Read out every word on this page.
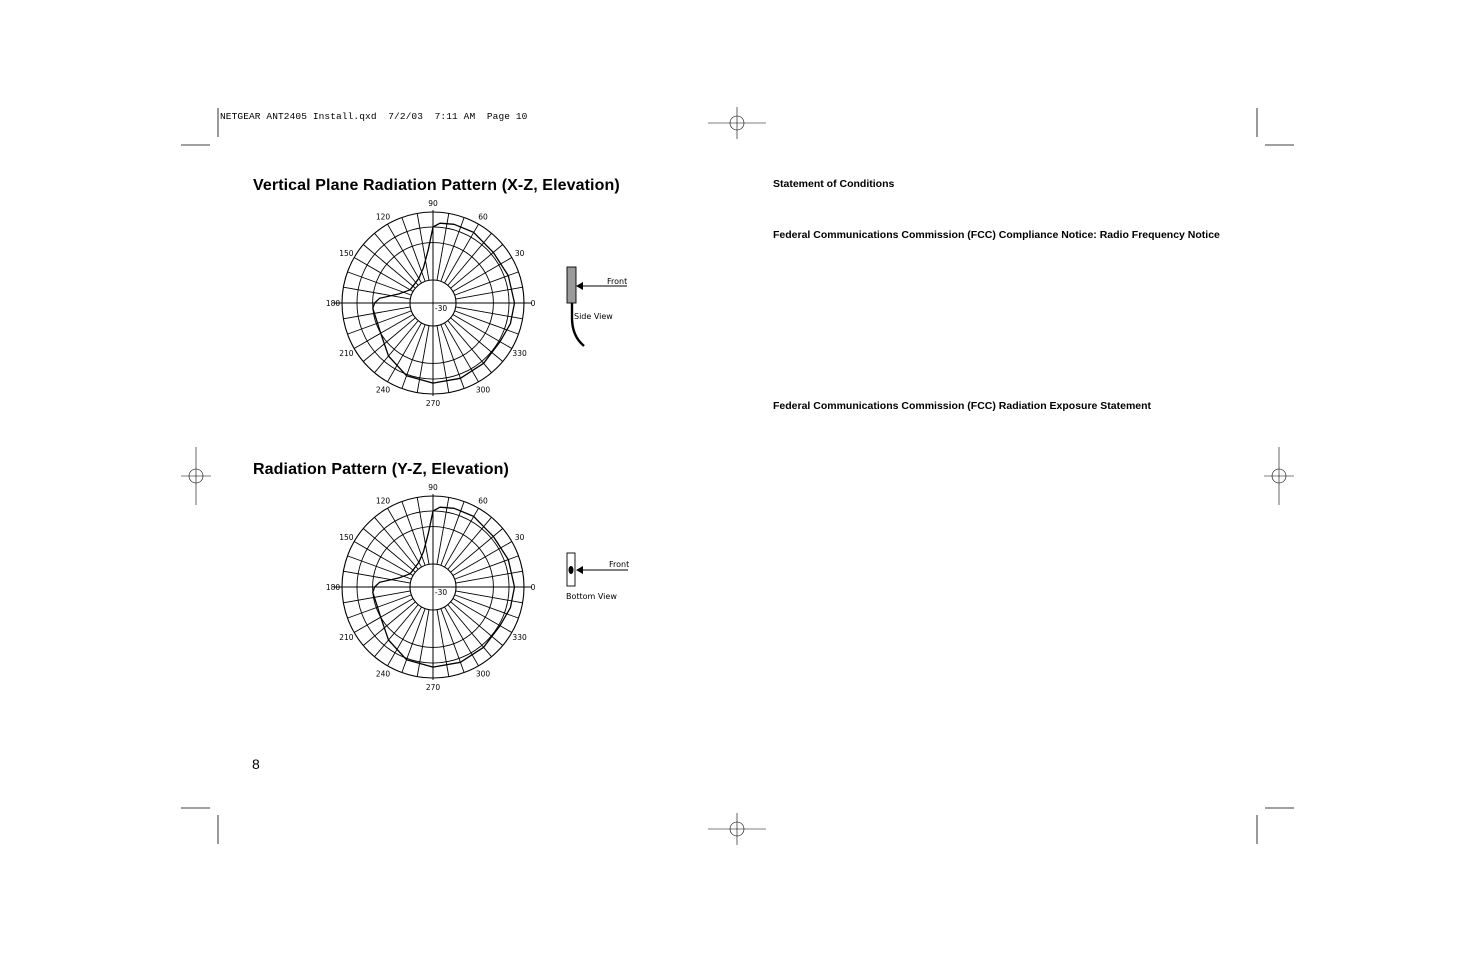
NETGEAR ANT2405 Install.qxd  7/2/03  7:11 AM  Page 10
Vertical Plane Radiation Pattern (X-Z, Elevation)
0
30
60
90
120
150
180
210
240
270
300
330
-30
Front
Side View
Radiation Pattern (Y-Z, Elevation)
0
30
60
90
120
150
180
210
240
270
300
330
-30
Front
Bottom View
8
Statement of Conditions
Federal Communications Commission (FCC) Compliance Notice: Radio Frequency Notice
Federal Communications Commission (FCC) Radiation Exposure Statement
